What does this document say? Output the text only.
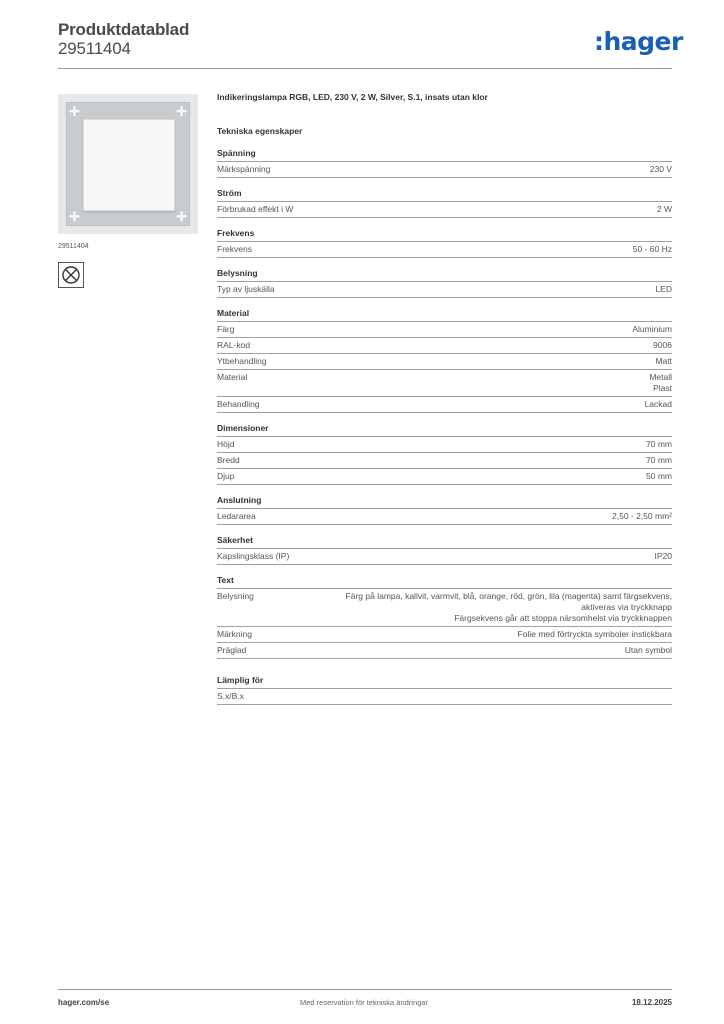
Produktdatablad
29511404	:hager
✛	✛
✛	✛
29511404
Indikeringslampa RGB, LED, 230 V, 2 W, Silver, S.1, insats utan klor
Tekniska egenskaper
Spänning
Märkspänning	230 V
Ström
Förbrukad effekt i W	2 W
Frekvens
Frekvens	50 - 60 Hz
Belysning
Typ av ljuskälla	LED
Material
Färg	Aluminium
RAL-kod	9006
Ytbehandling	Matt
Material	Metall
Plast
Behandling	Lackad
Dimensioner
Höjd	70 mm
Bredd	70 mm
Djup	50 mm
Anslutning
Ledararea	2,50 - 2,50 mm²
Säkerhet
Kapslingsklass (IP)	IP20
Text
Belysning	Färg på lampa, kallvit, varmvit, blå, orange, röd, grön, lila (magenta) samt färgsekvens,
aktiveras via tryckknapp
Färgsekvens går att stoppa närsomhelst via tryckknappen
Märkning	Folie med förtryckta symboler instickbara
Präglad	Utan symbol
Lämplig för
S.x/B.x
hager.com/se	Med reservation för tekniska ändringar	18.12.2025
